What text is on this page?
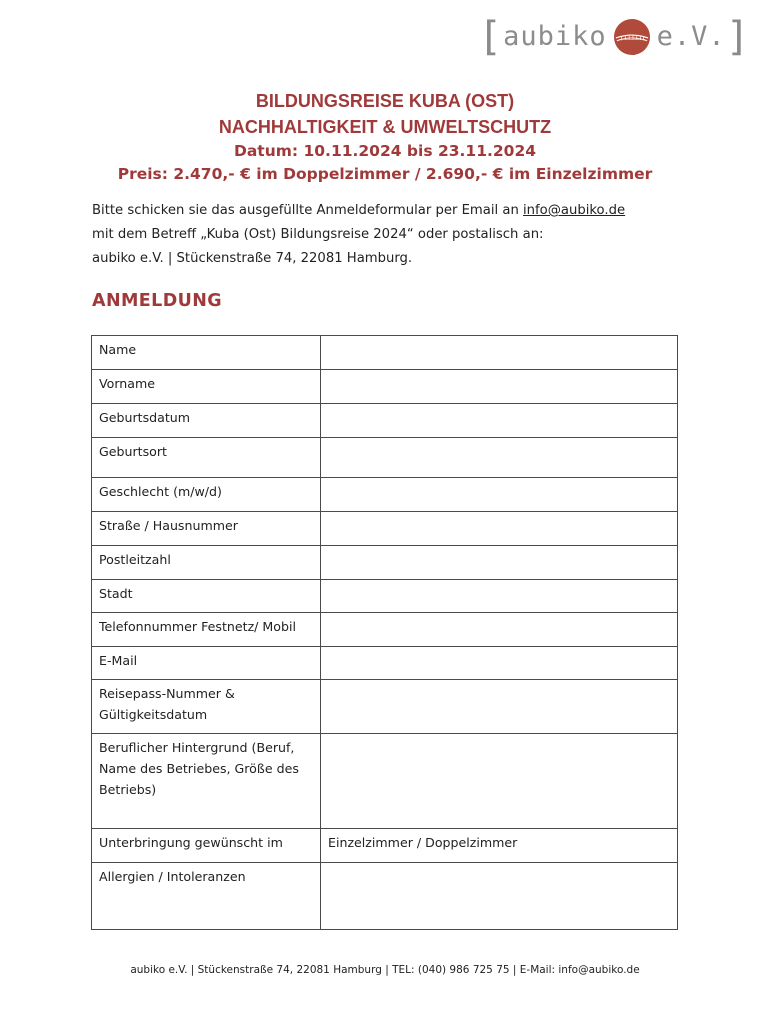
[ aubiko e.V. ]
BILDUNGSREISE KUBA (OST)
NACHHALTIGKEIT & UMWELTSCHUTZ
Datum: 10.11.2024 bis 23.11.2024
Preis: 2.470,- € im Doppelzimmer / 2.690,- € im Einzelzimmer
Bitte schicken sie das ausgefüllte Anmeldeformular per Email an info@aubiko.de
mit dem Betreff „Kuba (Ost) Bildungsreise 2024“ oder postalisch an:
aubiko e.V. | Stückenstraße 74, 22081 Hamburg.
ANMELDUNG
Name	
Vorname	
Geburtsdatum	
Geburtsort	
Geschlecht (m/w/d)	
Straße / Hausnummer	
Postleitzahl	
Stadt	
Telefonnummer Festnetz/ Mobil	
E-Mail	
Reisepass-Nummer & Gültigkeitsdatum	
Beruflicher Hintergrund (Beruf, Name des Betriebes, Größe des Betriebs)	
Unterbringung gewünscht im	Einzelzimmer / Doppelzimmer
Allergien / Intoleranzen	
aubiko e.V. | Stückenstraße 74, 22081 Hamburg | TEL: (040) 986 725 75 | E-Mail: info@aubiko.de
